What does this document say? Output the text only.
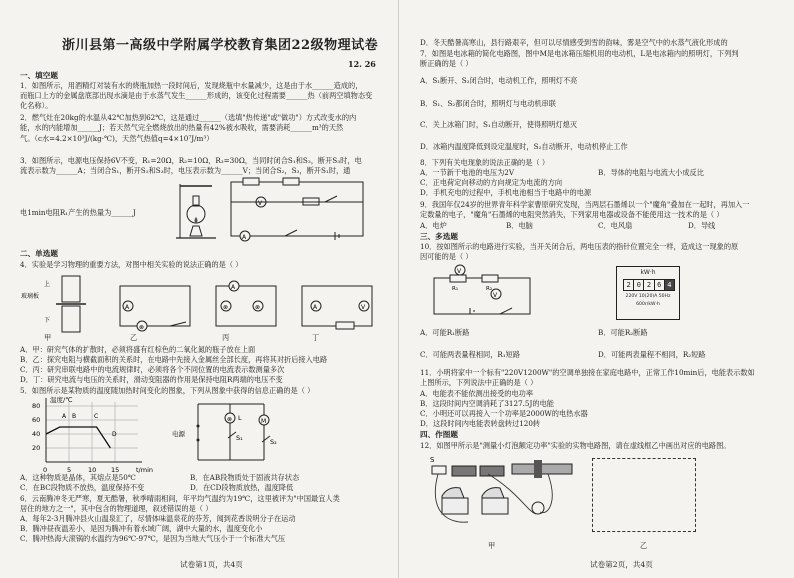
浙川县第一高级中学附属学校教育集团22级物理试卷
12. 26
一、填空题
1．如图所示，用酒精灯对装有水的烧瓶加热一段时间后，发现烧瓶中水量减少，这是由于水______造成的，
而瓶口上方的金属盘底部出现水滴是由于水蒸气发生______形成的，该变化过程需要______热（前两空填物态变
化名称）。
2．燃气灶在20kg的水温从42℃加热到62℃，这是通过______（选填"热传递"或"做功"）方式改变水的内
能，水的内能增加______J；若天然气完全燃烧放出的热量有42%被水吸收，需要消耗______m³的天然
气。（c水=4.2×10³J/(kg·℃)，天然气热值q=4×10⁷J/m³）
3．如图所示，电源电压保持6V不变，R₁=20Ω，R₂=10Ω，R₃=30Ω，当同时闭合S₁和S₂，断开S₃时，电
流表示数为______A；当闭合S₁，断开S₂和S₃时，电压表示数为______V；当闭合S₂，S₃，断开S₁时，通
电1min电阻R₁产生的热量为______J
V
A
二、单选题
4．实验是学习物理的重要方法，对图中相关实验的说法正确的是（ ）
玻璃板
上
下
A
⊗
A
⊗	⊗	A	V
甲	乙	丙	丁
A．甲：研究气体的扩散时，必须将盛有红棕色的二氧化氮的瓶子放在上面
B．乙：探究电阻与横截面积的关系时，在电路中先接入金属丝全部长度，再将其对折后接入电路
C．丙：研究串联电路中的电流规律时，必须将各个不同位置的电流表示数测量多次
D．丁：研究电流与电压的关系时，滑动变阻器的作用是保持电阻R两端的电压不变
5．如图所示是某物质的温度随加热时间变化的图象，下列从图象中获得的信息正确的是（ ）
温度/℃
t/min
80
60
40
20
0	5	10 15
A B	C
D
⊗	M
电源
L
S₁	S₂
A．这种物质是晶体，其熔点是50℃	B．在AB段物质处于固液共存状态
C．在BC段物质不放热，温度保持不变	D．在CD段物质放热，温度降低
6．云南腾冲冬无严寒，夏无酷暑，秋季晴雨相间，年平均气温约为19℃，这里被评为"中国最宜人类
居住的地方之一"，其中包含的物理道理，叙述错误的是（ ）
A．每年2-3月腾冲县火山温泉汇了，尽情体味温泉花的芬芳，闻到花香说明分子在运动
B．腾冲昼夜温差小，是因为腾冲有着水域广阔，湖中大量的水，温度变化小
C．腾冲热海大滚锅的水温约为96℃-97℃，是因为当地大气压小于一个标准大气压
试卷第1页，共4页
D．冬天酷暑高寒山，县行路艰辛，但可以尽情感受到雪的韵味，雾是空气中的水蒸气液化形成的
7．如图是电冰箱的简化电路图，图中M是电冰箱压缩机用的电动机，L是电冰箱内的照明灯，下列判
断正确的是（ ）
A．S₁断开、S₂闭合时，电动机工作，照明灯不亮
B．S₁、S₂都闭合时，照明灯与电动机串联
C．关上冰箱门时，S₁自动断开，使得照明灯熄灭
D．冰箱内温度降低到设定温度时，S₂自动断开，电动机停止工作
8．下列有关电现象的说法正确的是（ ）
A．一节新干电池的电压为2V	B．导体的电阻与电流大小成反比
C．正电荷定向移动的方向规定为电流的方向
D．手机充电的过程中，手机电池相当于电路中的电源
9．我国年仅24岁的世界青年科学家曹原研究发现，当两层石墨烯以一个"魔角"叠加在一起时，再加入一
定数量的电子，"魔角"石墨烯的电阻突然消失，下列家用电器或设备不能使用这一技术的是（ ）
A．电炉	B．电脑	C．电风扇	D．导线
三、多选题
10．按如图所示的电路进行实验，当开关闭合后，两电压表的指针位置完全一样，造成这一现象的原
因可能的是（ ）
V
V
R₁	R₂
kW·h
2 0 2 6 4
220V 10(20)A 50Hz
600r/kW·h
A．可能R₁断路	B．可能R₂断路
C．可能两表量程相同，R₁短路	D．可能两表量程不相同，R₂短路
11．小明将家中一个标有"220V1200W"的空调单独接在家庭电路中，正常工作10min后，电能表示数如
上图所示，下列说法中正确的是（ ）
A．电能表不能依测出接受的电功率
B．这段时间内空调消耗了3127.5J的电能
C．小明还可以再接入一个功率是2000W的电热水器
D．这段时间内电能表转盘转过120转
四、作图题
12．如图甲所示是"测量小灯泡额定功率"实验的实物电路图，请在虚线框乙中画出对应的电路图。
S
甲	乙
试卷第2页，共4页
